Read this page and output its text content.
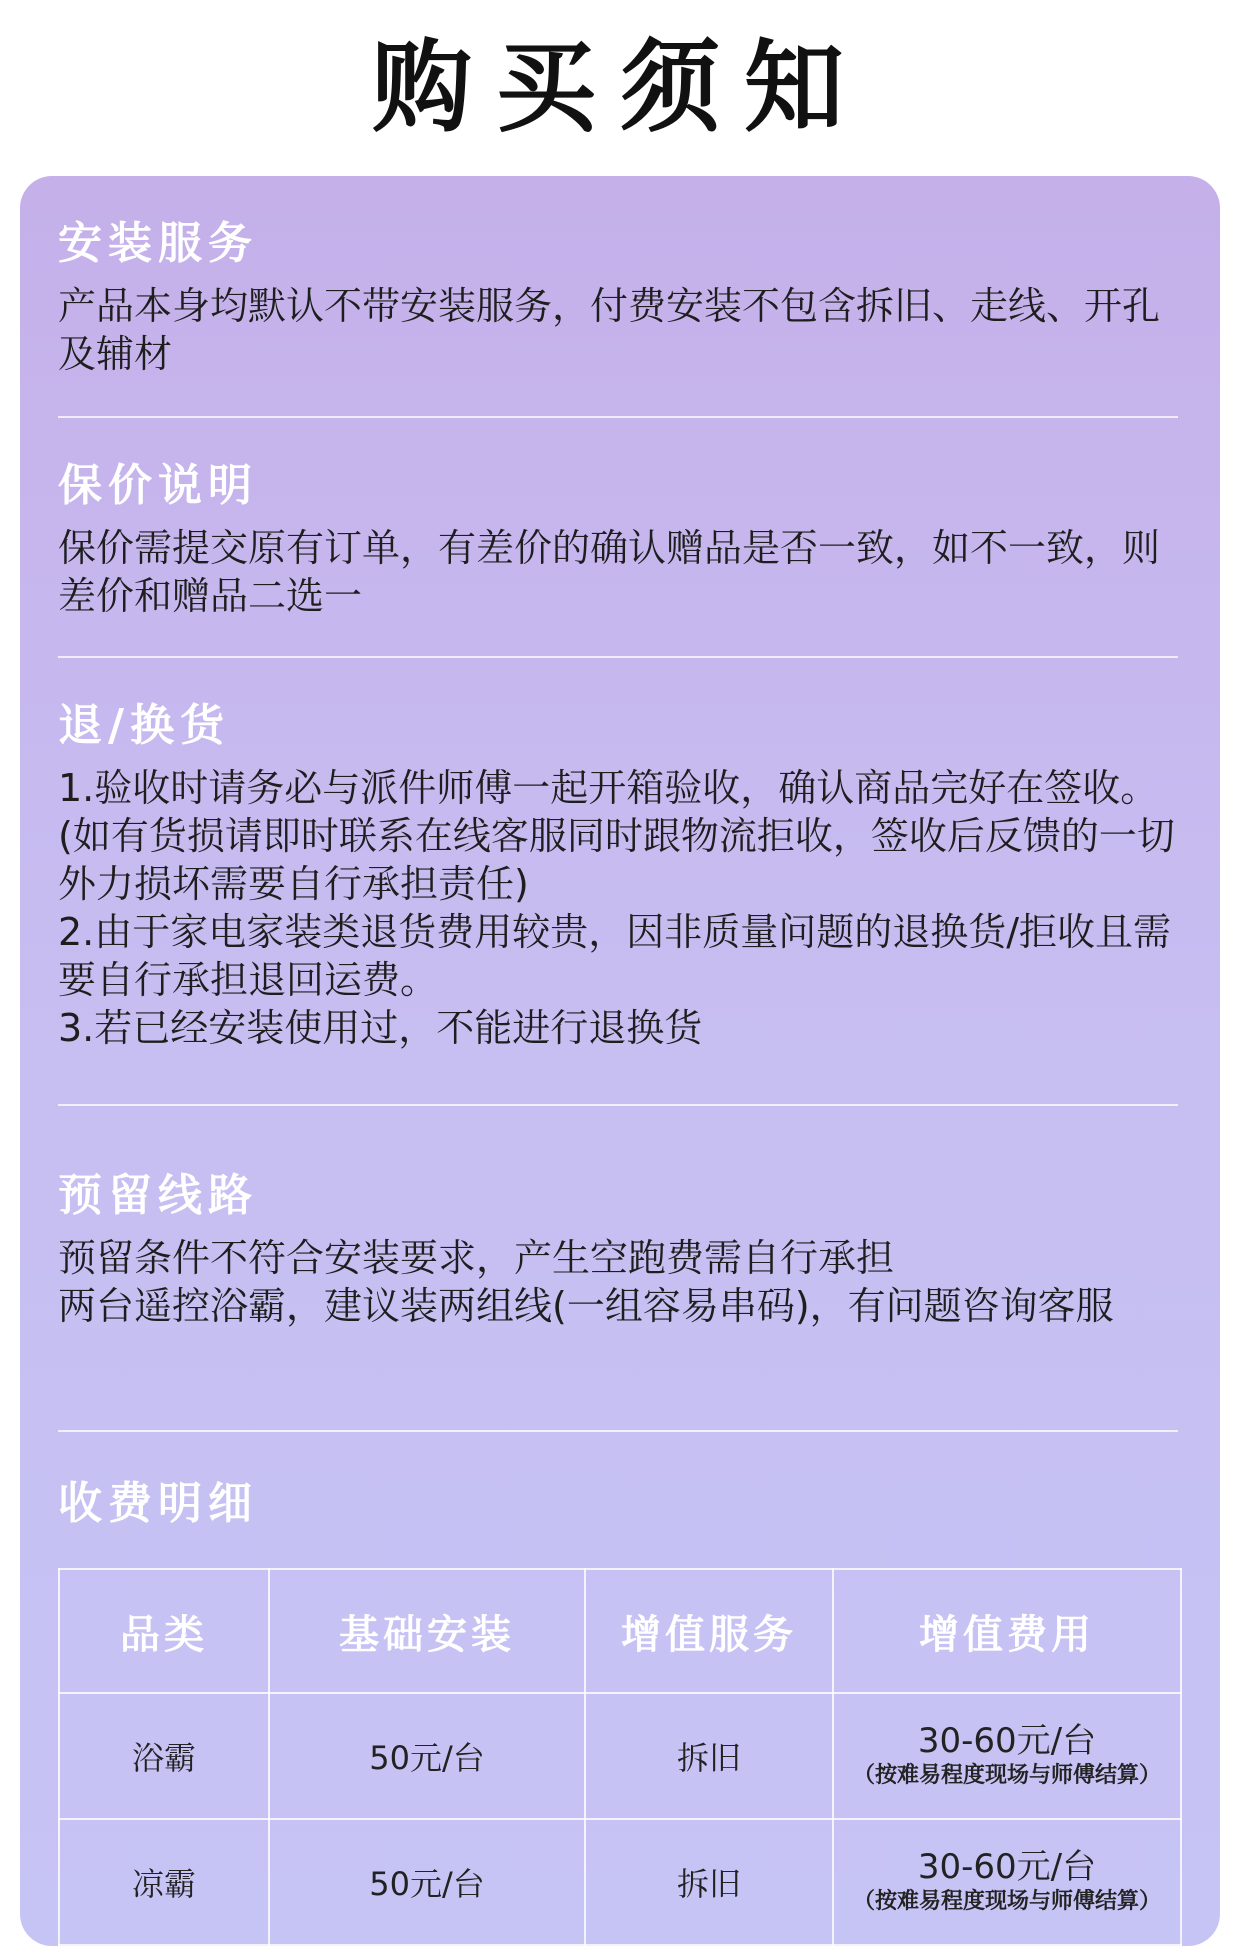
购买须知
安装服务

产品本身均默认不带安装服务，付费安装不包含拆旧、走线、开孔及辅材

保价说明

保价需提交原有订单，有差价的确认赠品是否一致，如不一致，则差价和赠品二选一

退/换货

1.验收时请务必与派件师傅一起开箱验收，确认商品完好在签收。(如有货损请即时联系在线客服同时跟物流拒收，签收后反馈的一切外力损坏需要自行承担责任)

2.由于家电家装类退货费用较贵，因非质量问题的退换货/拒收且需要自行承担退回运费。

3.若已经安装使用过，不能进行退换货

预留线路

预留条件不符合安装要求，产生空跑费需自行承担

两台遥控浴霸，建议装两组线(一组容易串码)，有问题咨询客服

收费明细
品类	基础安装	增值服务	增值费用
浴霸	50元/台	拆旧	30-60元/台
（按难易程度现场与师傅结算）

凉霸	50元/台	拆旧	30-60元/台
（按难易程度现场与师傅结算）
